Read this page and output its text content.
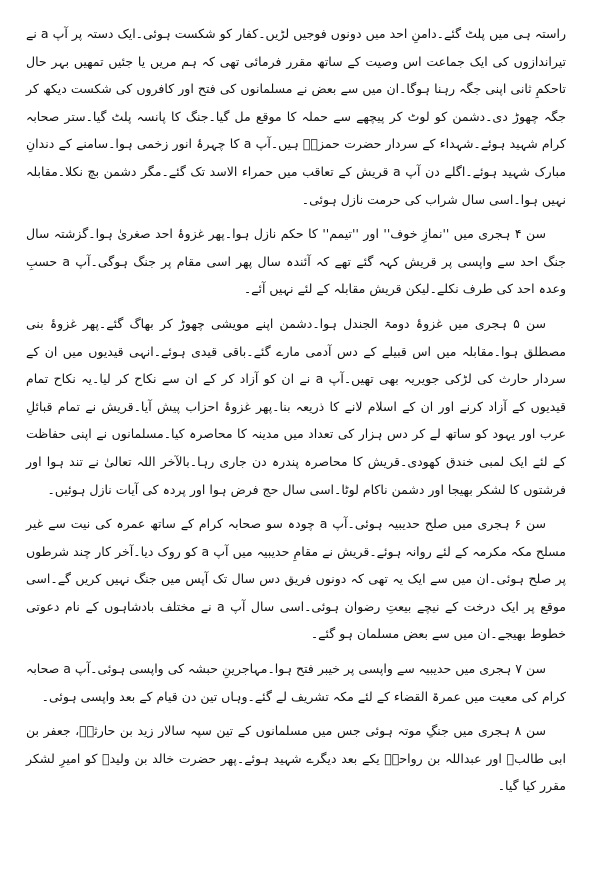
راستہ ہی میں پلٹ گئے۔دامنِ احد میں دونوں فوجیں لڑیں۔کفار کو شکست ہوئی۔ایک دستہ پر آپ a نے تیراندازوں کی ایک جماعت اس وصیت کے ساتھ مقرر فرمائی تھی کہ ہم مریں یا جئیں تمھیں بہر حال تاحکمِ ثانی اپنی جگہ رہنا ہوگا۔ان میں سے بعض نے مسلمانوں کی فتح اور کافروں کی شکست دیکھ کر جگہ چھوڑ دی۔دشمن کو لوٹ کر پیچھے سے حملہ کا موقع مل گیا۔جنگ کا پانسہ پلٹ گیا۔ستر صحابہ کرام شہید ہوئے۔شہداء کے سردار حضرت حمزہؓ ہیں۔آپ a کا چہرۂ انور زخمی ہوا۔سامنے کے دندانِ مبارک شہید ہوئے۔اگلے دن آپ a قریش کے تعاقب میں حمراء الاسد تک گئے۔مگر دشمن بچ نکلا۔مقابلہ نہیں ہوا۔اسی سال شراب کی حرمت نازل ہوئی۔

سن ۴ ہجری میں ''نمازِ خوف'' اور ''تیمم'' کا حکم نازل ہوا۔پھر غزوۂ احد صغریٰ ہوا۔گزشتہ سال جنگ احد سے واپسی پر قریش کہہ گئے تھے کہ آئندہ سال پھر اسی مقام پر جنگ ہوگی۔آپ a حسبِ وعدہ احد کی طرف نکلے۔لیکن قریش مقابلہ کے لئے نہیں آئے۔

سن ۵ ہجری میں غزوۂ دومۃ الجندل ہوا۔دشمن اپنے مویشی چھوڑ کر بھاگ گئے۔پھر غزوۂ بنی مصطلق ہوا۔مقابلہ میں اس قبیلے کے دس آدمی مارے گئے۔باقی قیدی ہوئے۔انہی قیدیوں میں ان کے سردار حارث کی لڑکی جویریہ بھی تھیں۔آپ a نے ان کو آزاد کر کے ان سے نکاح کر لیا۔یہ نکاح تمام قیدیوں کے آزاد کرنے اور ان کے اسلام لانے کا ذریعہ بنا۔پھر غزوۂ احزاب پیش آیا۔قریش نے تمام قبائلِ عرب اور یہود کو ساتھ لے کر دس ہزار کی تعداد میں مدینہ کا محاصرہ کیا۔مسلمانوں نے اپنی حفاظت کے لئے ایک لمبی خندق کھودی۔قریش کا محاصرہ پندرہ دن جاری رہا۔بالآخر اللہ تعالیٰ نے تند ہوا اور فرشتوں کا لشکر بھیجا اور دشمن ناکام لوٹا۔اسی سال حج فرض ہوا اور پردہ کی آیات نازل ہوئیں۔

سن ۶ ہجری میں صلح حدیبیہ ہوئی۔آپ a چودہ سو صحابہ کرام کے ساتھ عمرہ کی نیت سے غیر مسلح مکہ مکرمہ کے لئے روانہ ہوئے۔قریش نے مقامِ حدیبیہ میں آپ a کو روک دیا۔آخر کار چند شرطوں پر صلح ہوئی۔ان میں سے ایک یہ تھی کہ دونوں فریق دس سال تک آپس میں جنگ نہیں کریں گے۔اسی موقع پر ایک درخت کے نیچے بیعتِ رضوان ہوئی۔اسی سال آپ a نے مختلف بادشاہوں کے نام دعوتی خطوط بھیجے۔ان میں سے بعض مسلمان ہو گئے۔

سن ۷ ہجری میں حدیبیہ سے واپسی پر خیبر فتح ہوا۔مہاجرینِ حبشہ کی واپسی ہوئی۔آپ a صحابہ کرام کی معیت میں عمرۃ القضاء کے لئے مکہ تشریف لے گئے۔وہاں تین دن قیام کے بعد واپسی ہوئی۔

سن ۸ ہجری میں جنگِ موتہ ہوئی جس میں مسلمانوں کے تین سپہ سالار زید بن حارثہؓ، جعفر بن ابی طالبؓ اور عبداللہ بن رواحہؓ یکے بعد دیگرے شہید ہوئے۔پھر حضرت خالد بن ولیدؓ کو امیرِ لشکر مقرر کیا گیا۔
